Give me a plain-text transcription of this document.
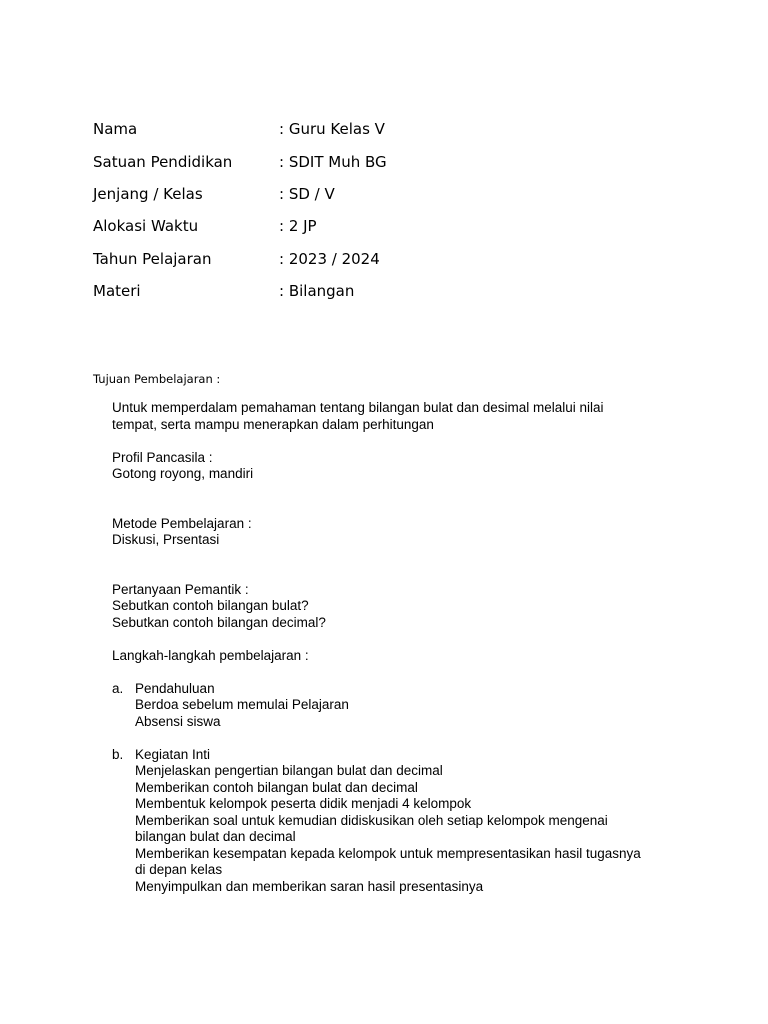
Nama	: Guru Kelas V
Satuan Pendidikan	: SDIT Muh BG
Jenjang / Kelas	: SD / V
Alokasi Waktu	: 2 JP
Tahun Pelajaran	: 2023 / 2024
Materi	: Bilangan
Tujuan Pembelajaran :

Untuk memperdalam pemahaman tentang bilangan bulat dan desimal melalui nilai

tempat, serta mampu menerapkan dalam perhitungan

Profil Pancasila :

Gotong royong, mandiri

Metode Pembelajaran :

Diskusi, Prsentasi

Pertanyaan Pemantik :

Sebutkan contoh bilangan bulat?

Sebutkan contoh bilangan decimal?

Langkah-langkah pembelajaran :

a. Pendahuluan

Berdoa sebelum memulai Pelajaran

Absensi siswa

b. Kegiatan Inti

Menjelaskan pengertian bilangan bulat dan decimal

Memberikan contoh bilangan bulat dan decimal

Membentuk kelompok peserta didik menjadi 4 kelompok

Memberikan soal untuk kemudian didiskusikan oleh setiap kelompok mengenai

bilangan bulat dan decimal

Memberikan kesempatan kepada kelompok untuk mempresentasikan hasil tugasnya

di depan kelas

Menyimpulkan dan memberikan saran hasil presentasinya
